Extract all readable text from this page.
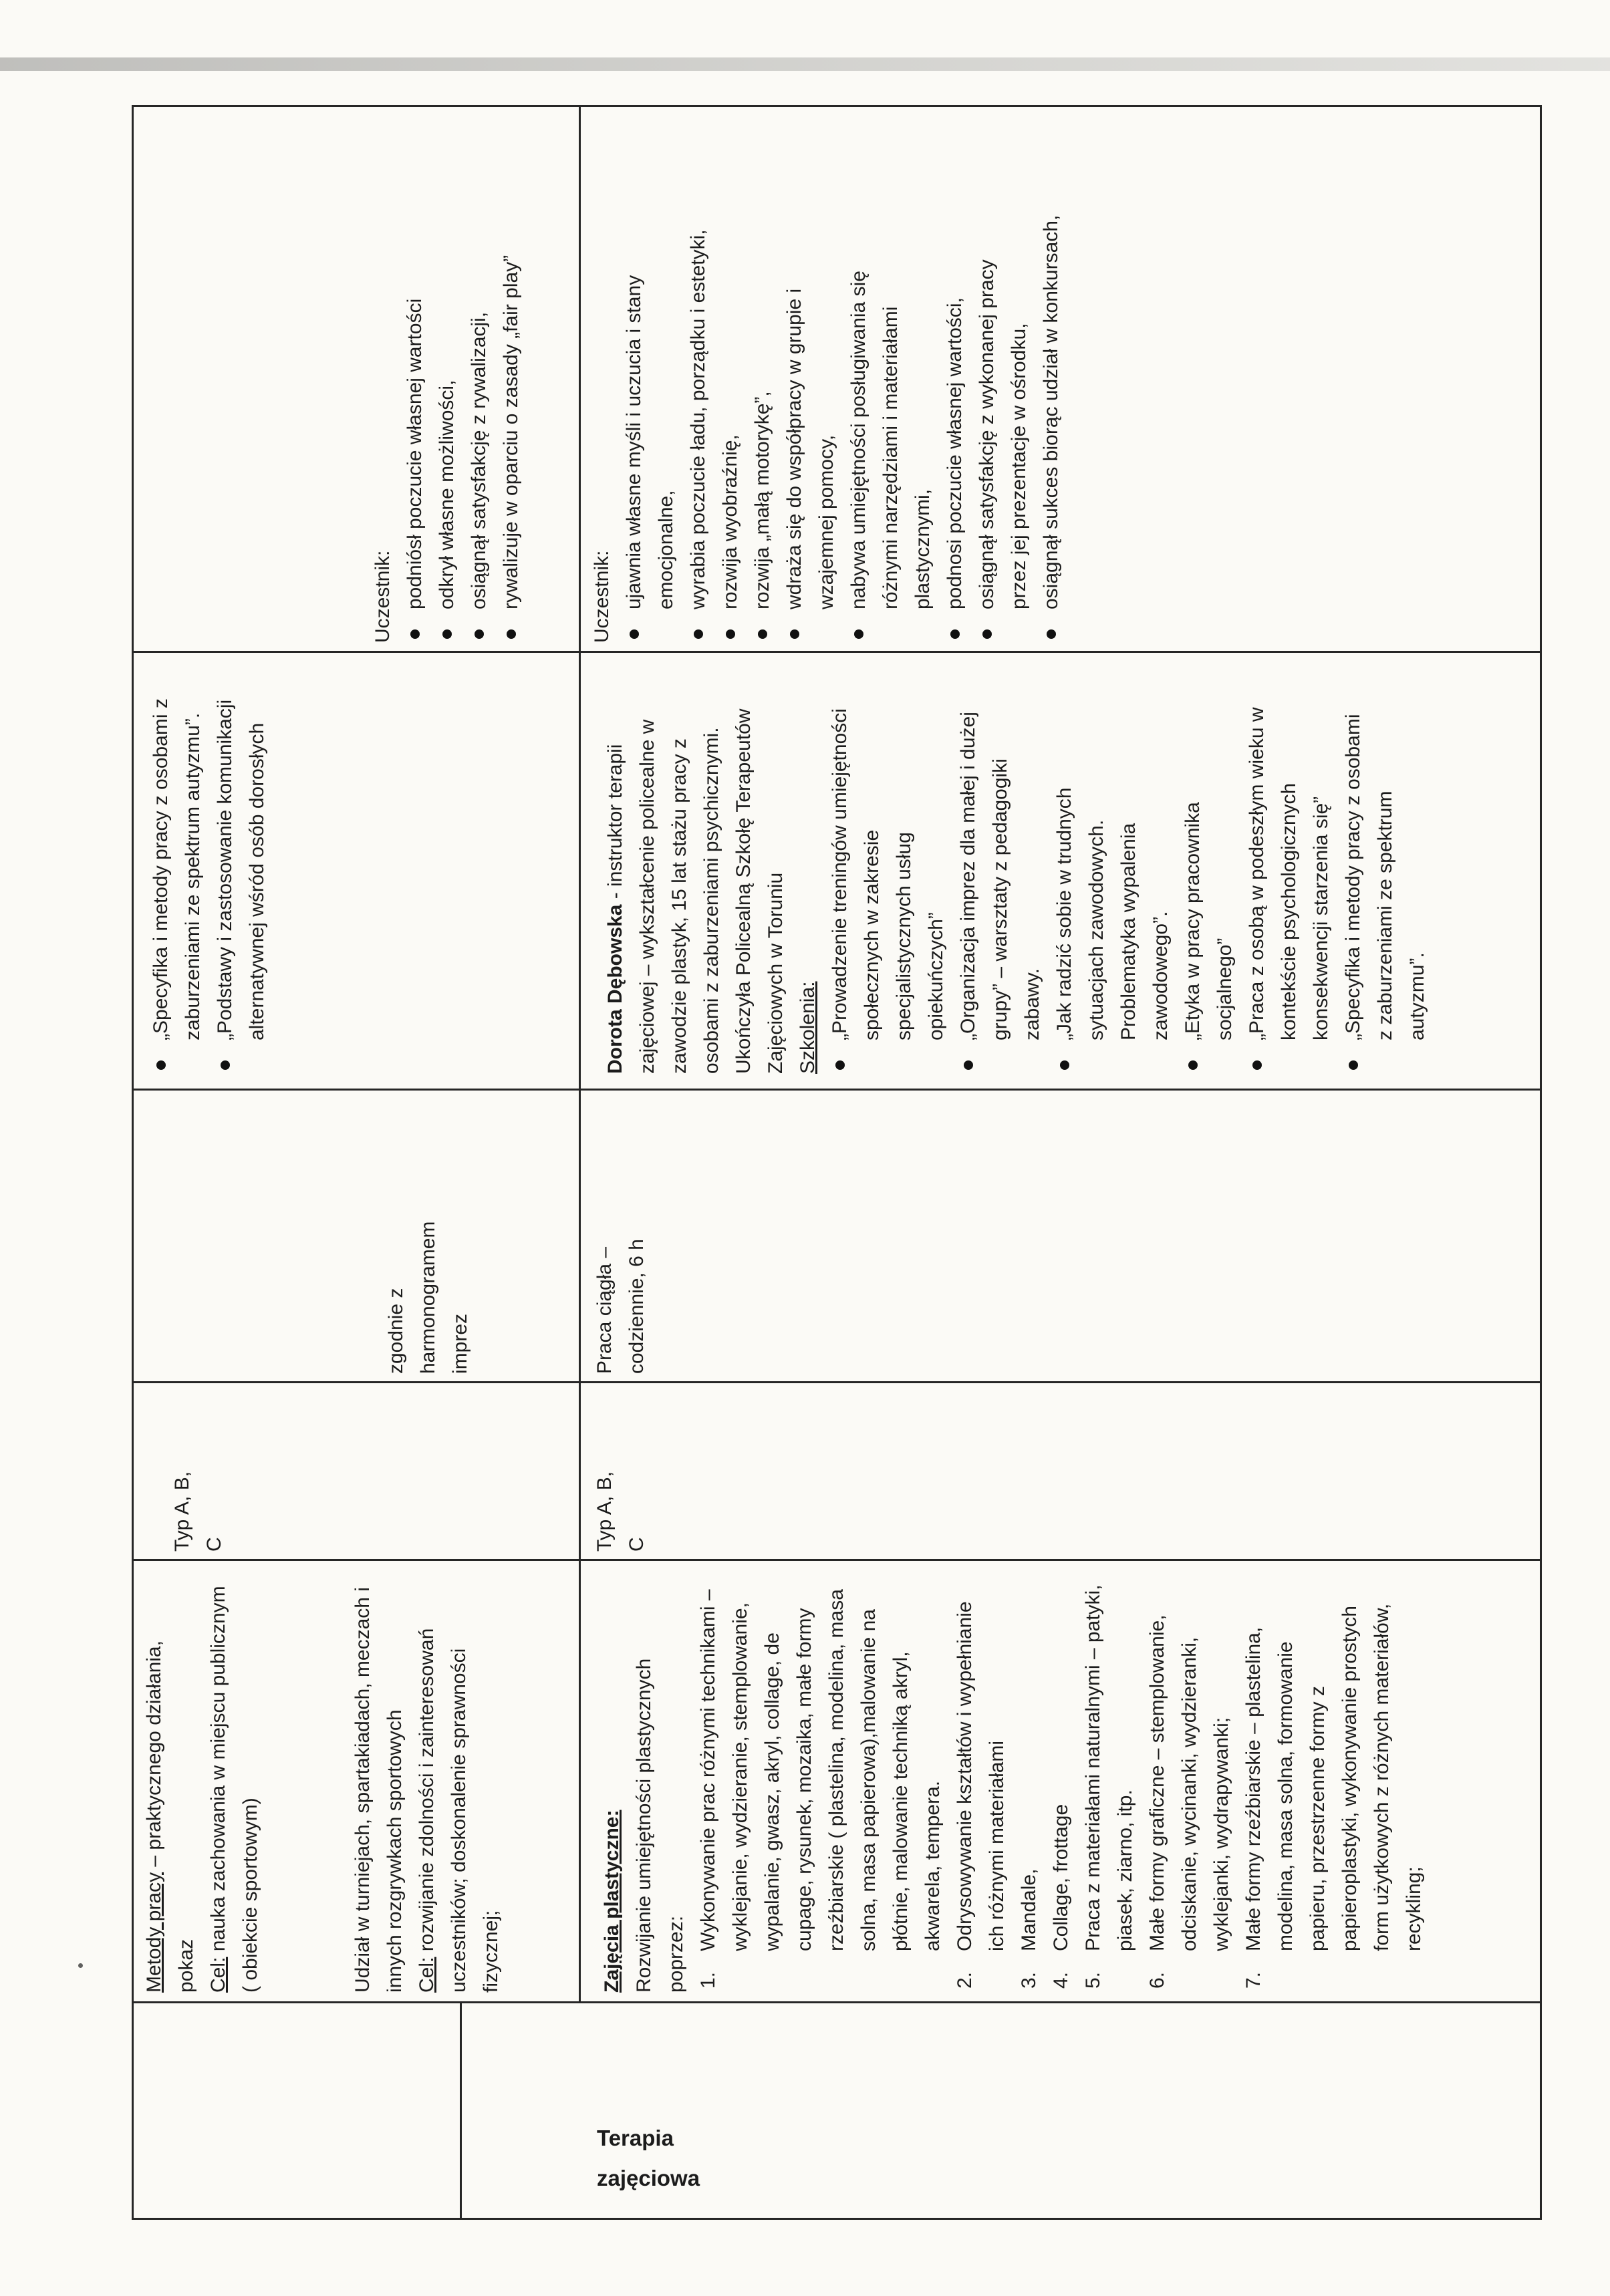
Metody pracy – praktycznego działania,
pokaz Cel: nauka zachowania w miejscu publicznym ( obiekcie sportowym)	Udział w turniejach, spartakiadach, meczach i innych rozgrywkach sportowych Cel: rozwijanie zdolności i zainteresowań uczestników; doskonalenie sprawności fizycznej;
Typ A, B, C
zgodnie z harmonogramem imprez
„Specyfika i metody pracy z osobami z zaburzeniami ze spektrum autyzmu”. „Podstawy i zastosowanie komunikacji alternatywnej wśród osób dorosłych
Uczestnik: podniósł poczucie własnej wartości odkrył własne możliwości, osiągnął satysfakcję z rywalizacji, rywalizuje w oparciu o zasady „fair play”
Terapia zajęciowa
Zajęcia plastyczne: Rozwijanie umiejętności plastycznych poprzez: 1.
Wykonywanie prac różnymi technikami – wyklejanie, wydzieranie, stemplowanie, wypalanie, gwasz, akryl, collage, de cupage, rysunek, mozaika, małe formy rzeźbiarskie ( plastelina, modelina, masa solna, masa papierowa),malowanie na płótnie, malowanie techniką akryl, akwarela, tempera.
2.
Odrysowywanie kształtów i wypełnianie ich różnymi materiałami
3.
Mandale,
4.
Collage, frottage
5.
Praca z materiałami naturalnymi – patyki, piasek, ziarno, itp.
6.
Małe formy graficzne – stemplowanie, odciskanie, wycinanki, wydzieranki, wyklejanki, wydrapywanki;
7.
Małe formy rzeźbiarskie – plastelina, modelina, masa solna, formowanie papieru, przestrzenne formy z papieroplastyki, wykonywanie prostych form użytkowych z różnych materiałów, recykling;
Typ A, B, C
Praca ciągła – codziennie, 6 h
Dorota Dębowska - instruktor terapii zajęciowej – wykształcenie policealne w zawodzie plastyk, 15 lat stażu pracy z osobami z zaburzeniami psychicznymi. Ukończyła Policealną Szkołę Terapeutów Zajęciowych w Toruniu Szkolenia: „Prowadzenie treningów umiejętności społecznych w zakresie specjalistycznych usług opiekuńczych” „Organizacja imprez dla małej i dużej grupy” – warsztaty z pedagogiki zabawy. „Jak radzić sobie w trudnych sytuacjach zawodowych. Problematyka wypalenia zawodowego”. „Etyka w pracy pracownika socjalnego” „Praca z osobą w podeszłym wieku w kontekście psychologicznych konsekwencji starzenia się” „Specyfika i metody pracy z osobami z zaburzeniami ze spektrum autyzmu”.
Uczestnik: ujawnia własne myśli i uczucia i stany emocjonalne, wyrabia poczucie ładu, porządku i estetyki, rozwija wyobraźnię, rozwija „małą motorykę”, wdraża się do współpracy w grupie i wzajemnej pomocy, nabywa umiejętności posługiwania się różnymi narzędziami i materiałami plastycznymi, podnosi poczucie własnej wartości, osiągnął satysfakcję z wykonanej pracy przez jej prezentacje w ośrodku, osiągnął sukces biorąc udział w konkursach,
